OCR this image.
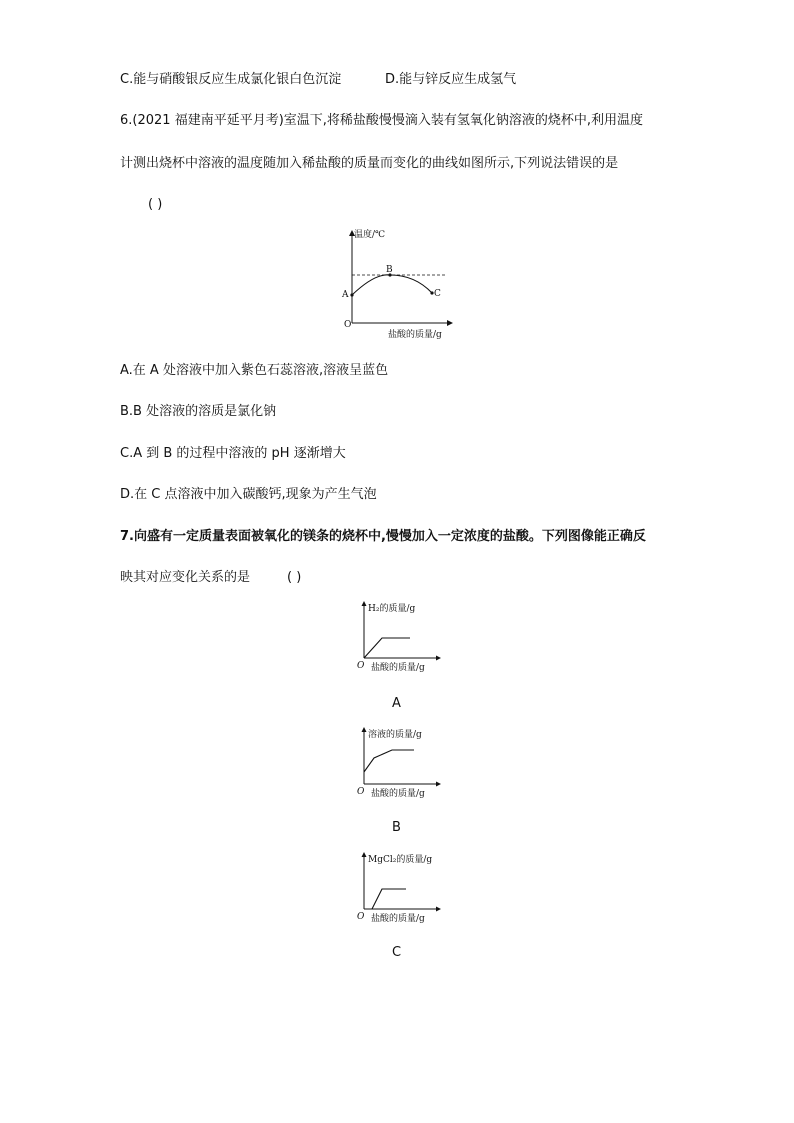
C.能与硝酸银反应生成氯化银白色沉淀	D.能与锌反应生成氢气
6.(2021 福建南平延平月考)室温下,将稀盐酸慢慢滴入装有氢氧化钠溶液的烧杯中,利用温度
计测出烧杯中溶液的温度随加入稀盐酸的质量而变化的曲线如图所示,下列说法错误的是
( )
温度/℃
盐酸的质量/g
O
A
B
C
A.在 A 处溶液中加入紫色石蕊溶液,溶液呈蓝色
B.B 处溶液的溶质是氯化钠
C.A 到 B 的过程中溶液的 pH 逐渐增大
D.在 C 点溶液中加入碳酸钙,现象为产生气泡
7.向盛有一定质量表面被氧化的镁条的烧杯中,慢慢加入一定浓度的盐酸。下列图像能正确反
映其对应变化关系的是	( )
H₂的质量/g
O 盐酸的质量/g
A
溶液的质量/g
O 盐酸的质量/g
B
MgCl₂的质量/g
O 盐酸的质量/g
C
